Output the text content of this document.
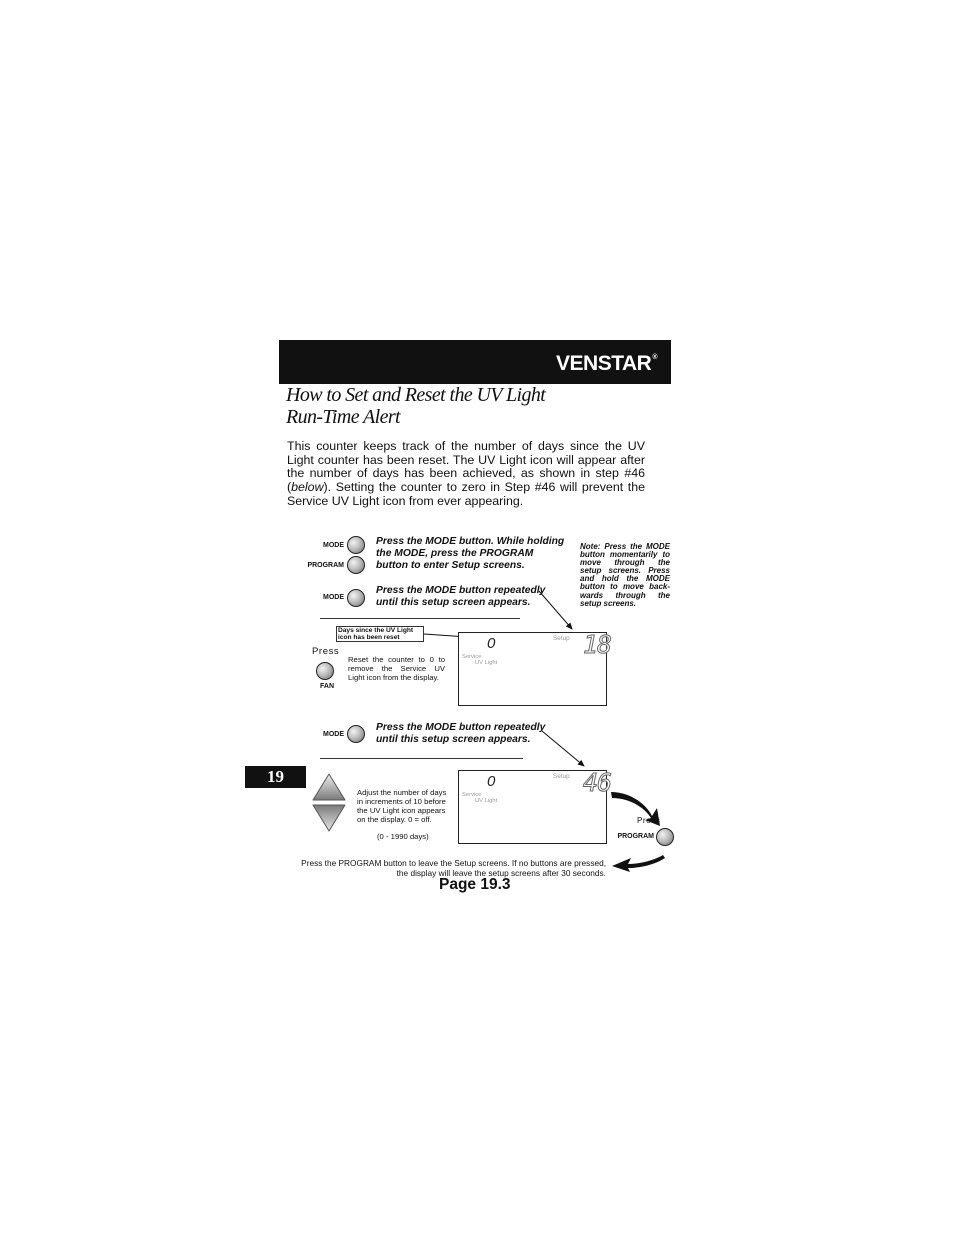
VENSTAR®
How to Set and Reset the UV Light
Run-Time Alert
This counter keeps track of the number of days since the UV Light counter has been reset. The UV Light icon will appear after the number of days has been achieved, as shown in step #46 (below). Setting the counter to zero in Step #46 will prevent the Service UV Light icon from ever appearing.
MODE
PROGRAM
Press the MODE button. While holding the MODE, press the PROGRAM button to enter Setup screens.
MODE
Press the MODE button repeatedly until this setup screen appears.
Note: Press the MODE button momentarily to move through the setup screens. Press and hold the MODE button to move back-wards through the setup screens.
Days since the UV Light icon has been reset	0	Setup 18
Service
UV Light
Press
FAN
Reset the counter to 0 to remove the Service UV Light icon from the display.
MODE
Press the MODE button repeatedly until this setup screen appears.
19
Adjust the number of days in increments of 10 before the UV Light icon appears on the display. 0 = off.
(0 - 1990 days)
0	Setup 46
Service
UV Light
Press
PROGRAM
Press the PROGRAM button to leave the Setup screens. If no buttons are pressed, the display will leave the setup screens after 30 seconds.
Page 19.3
